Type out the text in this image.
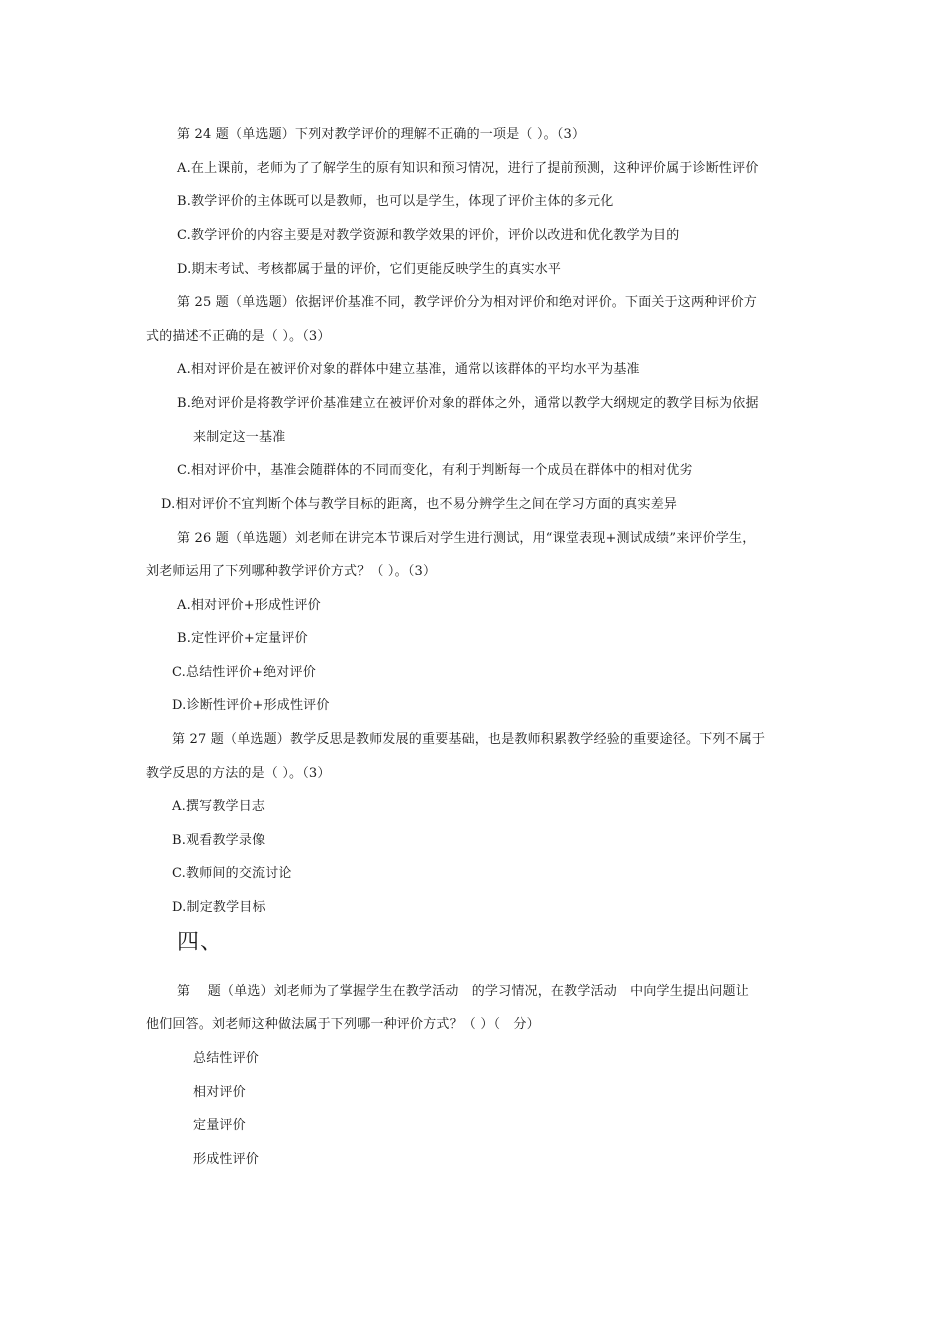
第 24 题（单选题）下列对教学评价的理解不正确的一项是（ ）。（3）
A.在上课前，老师为了了解学生的原有知识和预习情况，进行了提前预测，这种评价属于诊断性评价
B.教学评价的主体既可以是教师，也可以是学生，体现了评价主体的多元化
C.教学评价的内容主要是对教学资源和教学效果的评价，评价以改进和优化教学为目的
D.期末考试、考核都属于量的评价，它们更能反映学生的真实水平
第 25 题（单选题）依据评价基准不同，教学评价分为相对评价和绝对评价。下面关于这两种评价方
式的描述不正确的是（ ）。（3）
A.相对评价是在被评价对象的群体中建立基准，通常以该群体的平均水平为基准
B.绝对评价是将教学评价基准建立在被评价对象的群体之外，通常以教学大纲规定的教学目标为依据
来制定这一基准
C.相对评价中，基准会随群体的不同而变化，有利于判断每一个成员在群体中的相对优劣
D.相对评价不宜判断个体与教学目标的距离，也不易分辨学生之间在学习方面的真实差异
第 26 题（单选题）刘老师在讲完本节课后对学生进行测试，用“课堂表现+测试成绩”来评价学生，
刘老师运用了下列哪种教学评价方式？（ ）。（3）
A.相对评价+形成性评价
B.定性评价+定量评价
C.总结性评价+绝对评价
D.诊断性评价+形成性评价
第 27 题（单选题）教学反思是教师发展的重要基础，也是教师积累教学经验的重要途径。下列不属于
教学反思的方法的是（ ）。（3）
A.撰写教学日志
B.观看教学录像
C.教师间的交流讨论
D.制定教学目标
四、
第　 题（单选）刘老师为了掌握学生在教学活动　的学习情况，在教学活动　中向学生提出问题让
他们回答。刘老师这种做法属于下列哪一种评价方式？（ ）（　分）
总结性评价
相对评价
定量评价
形成性评价
